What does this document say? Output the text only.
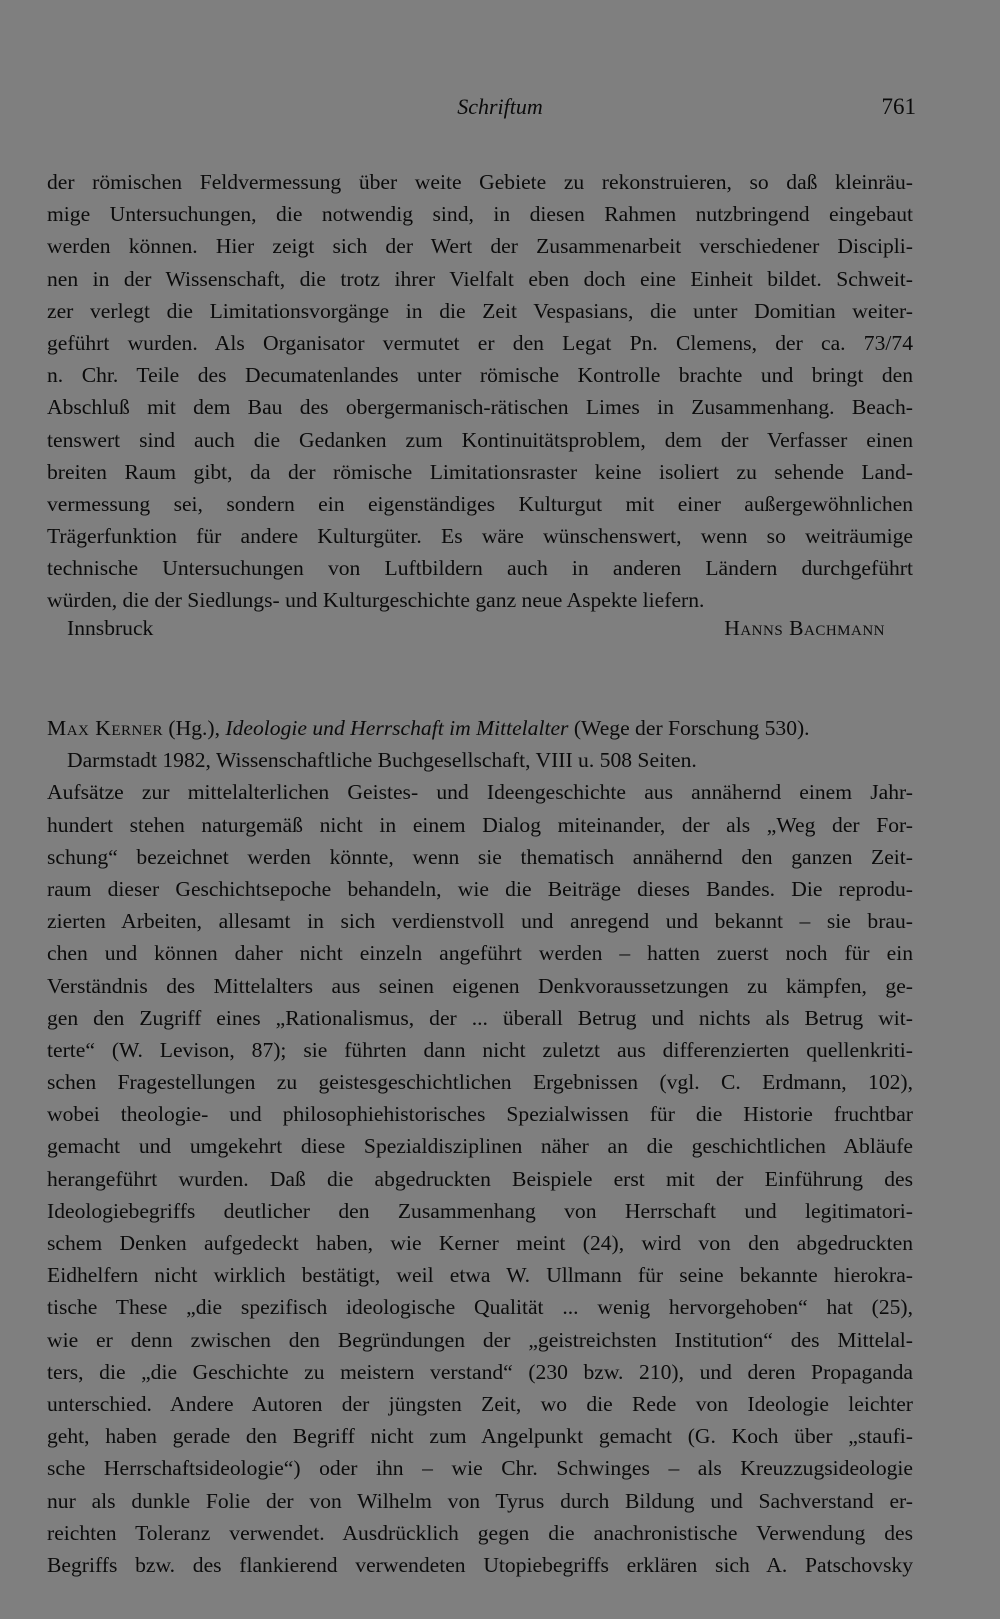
Schriftum	761
der römischen Feldvermessung über weite Gebiete zu rekonstruieren, so daß kleinräu-
mige Untersuchungen, die notwendig sind, in diesen Rahmen nutzbringend eingebaut
werden können. Hier zeigt sich der Wert der Zusammenarbeit verschiedener Discipli-
nen in der Wissenschaft, die trotz ihrer Vielfalt eben doch eine Einheit bildet. Schweit-
zer verlegt die Limitationsvorgänge in die Zeit Vespasians, die unter Domitian weiter-
geführt wurden. Als Organisator vermutet er den Legat Pn. Clemens, der ca. 73/74
n. Chr. Teile des Decumatenlandes unter römische Kontrolle brachte und bringt den
Abschluß mit dem Bau des obergermanisch-rätischen Limes in Zusammenhang. Beach-
tenswert sind auch die Gedanken zum Kontinuitätsproblem, dem der Verfasser einen
breiten Raum gibt, da der römische Limitationsraster keine isoliert zu sehende Land-
vermessung sei, sondern ein eigenständiges Kulturgut mit einer außergewöhnlichen
Trägerfunktion für andere Kulturgüter. Es wäre wünschenswert, wenn so weiträumige
technische Untersuchungen von Luftbildern auch in anderen Ländern durchgeführt
würden, die der Siedlungs- und Kulturgeschichte ganz neue Aspekte liefern.
Innsbruck	Hanns Bachmann
Max Kerner (Hg.), Ideologie und Herrschaft im Mittelalter (Wege der Forschung 530).
Darmstadt 1982, Wissenschaftliche Buchgesellschaft, VIII u. 508 Seiten.
Aufsätze zur mittelalterlichen Geistes- und Ideengeschichte aus annähernd einem Jahr-
hundert stehen naturgemäß nicht in einem Dialog miteinander, der als „Weg der For-
schung“ bezeichnet werden könnte, wenn sie thematisch annähernd den ganzen Zeit-
raum dieser Geschichtsepoche behandeln, wie die Beiträge dieses Bandes. Die reprodu-
zierten Arbeiten, allesamt in sich verdienstvoll und anregend und bekannt – sie brau-
chen und können daher nicht einzeln angeführt werden – hatten zuerst noch für ein
Verständnis des Mittelalters aus seinen eigenen Denkvoraussetzungen zu kämpfen, ge-
gen den Zugriff eines „Rationalismus, der ... überall Betrug und nichts als Betrug wit-
terte“ (W. Levison, 87); sie führten dann nicht zuletzt aus differenzierten quellenkriti-
schen Fragestellungen zu geistesgeschichtlichen Ergebnissen (vgl. C. Erdmann, 102),
wobei theologie- und philosophiehistorisches Spezialwissen für die Historie fruchtbar
gemacht und umgekehrt diese Spezialdisziplinen näher an die geschichtlichen Abläufe
herangeführt wurden. Daß die abgedruckten Beispiele erst mit der Einführung des
Ideologiebegriffs deutlicher den Zusammenhang von Herrschaft und legitimatori-
schem Denken aufgedeckt haben, wie Kerner meint (24), wird von den abgedruckten
Eidhelfern nicht wirklich bestätigt, weil etwa W. Ullmann für seine bekannte hierokra-
tische These „die spezifisch ideologische Qualität ... wenig hervorgehoben“ hat (25),
wie er denn zwischen den Begründungen der „geistreichsten Institution“ des Mittelal-
ters, die „die Geschichte zu meistern verstand“ (230 bzw. 210), und deren Propaganda
unterschied. Andere Autoren der jüngsten Zeit, wo die Rede von Ideologie leichter
geht, haben gerade den Begriff nicht zum Angelpunkt gemacht (G. Koch über „staufi-
sche Herrschaftsideologie“) oder ihn – wie Chr. Schwinges – als Kreuzzugsideologie
nur als dunkle Folie der von Wilhelm von Tyrus durch Bildung und Sachverstand er-
reichten Toleranz verwendet. Ausdrücklich gegen die anachronistische Verwendung des
Begriffs bzw. des flankierend verwendeten Utopiebegriffs erklären sich A. Patschovsky
